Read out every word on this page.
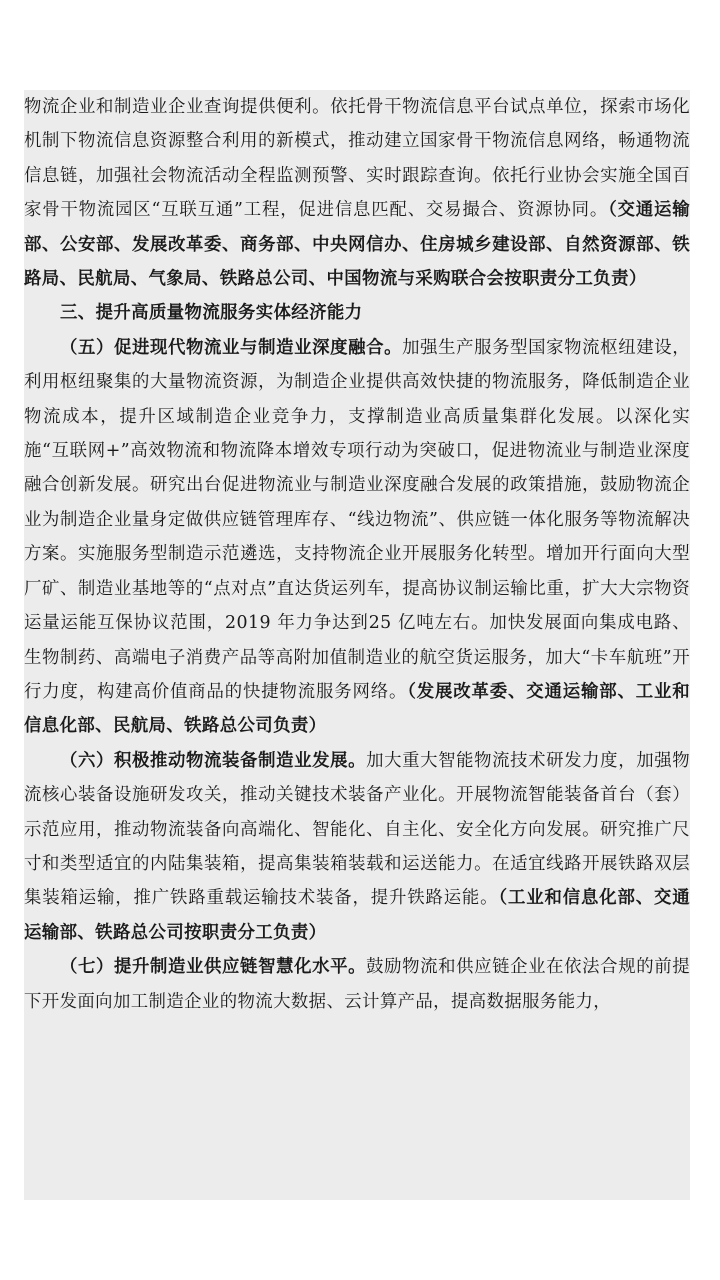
物流企业和制造业企业查询提供便利。依托骨干物流信息平台试点单位，探索市场化机制下物流信息资源整合利用的新模式，推动建立国家骨干物流信息网络，畅通物流信息链，加强社会物流活动全程监测预警、实时跟踪查询。依托行业协会实施全国百家骨干物流园区“互联互通”工程，促进信息匹配、交易撮合、资源协同。（交通运输部、公安部、发展改革委、商务部、中央网信办、住房城乡建设部、自然资源部、铁路局、民航局、气象局、铁路总公司、中国物流与采购联合会按职责分工负责）

三、提升高质量物流服务实体经济能力

（五）促进现代物流业与制造业深度融合。加强生产服务型国家物流枢纽建设，利用枢纽聚集的大量物流资源，为制造企业提供高效快捷的物流服务，降低制造企业物流成本，提升区域制造企业竞争力，支撑制造业高质量集群化发展。以深化实施“互联网+”高效物流和物流降本增效专项行动为突破口，促进物流业与制造业深度融合创新发展。研究出台促进物流业与制造业深度融合发展的政策措施，鼓励物流企业为制造企业量身定做供应链管理库存、“线边物流”、供应链一体化服务等物流解决方案。实施服务型制造示范遴选，支持物流企业开展服务化转型。增加开行面向大型厂矿、制造业基地等的“点对点”直达货运列车，提高协议制运输比重，扩大大宗物资运量运能互保协议范围，2019 年力争达到25 亿吨左右。加快发展面向集成电路、生物制药、高端电子消费产品等高附加值制造业的航空货运服务，加大“卡车航班”开行力度，构建高价值商品的快捷物流服务网络。（发展改革委、交通运输部、工业和信息化部、民航局、铁路总公司负责）

（六）积极推动物流装备制造业发展。加大重大智能物流技术研发力度，加强物流核心装备设施研发攻关，推动关键技术装备产业化。开展物流智能装备首台（套）示范应用，推动物流装备向高端化、智能化、自主化、安全化方向发展。研究推广尺寸和类型适宜的内陆集装箱，提高集装箱装载和运送能力。在适宜线路开展铁路双层集装箱运输，推广铁路重载运输技术装备，提升铁路运能。（工业和信息化部、交通运输部、铁路总公司按职责分工负责）

（七）提升制造业供应链智慧化水平。鼓励物流和供应链企业在依法合规的前提下开发面向加工制造企业的物流大数据、云计算产品，提高数据服务能力，
